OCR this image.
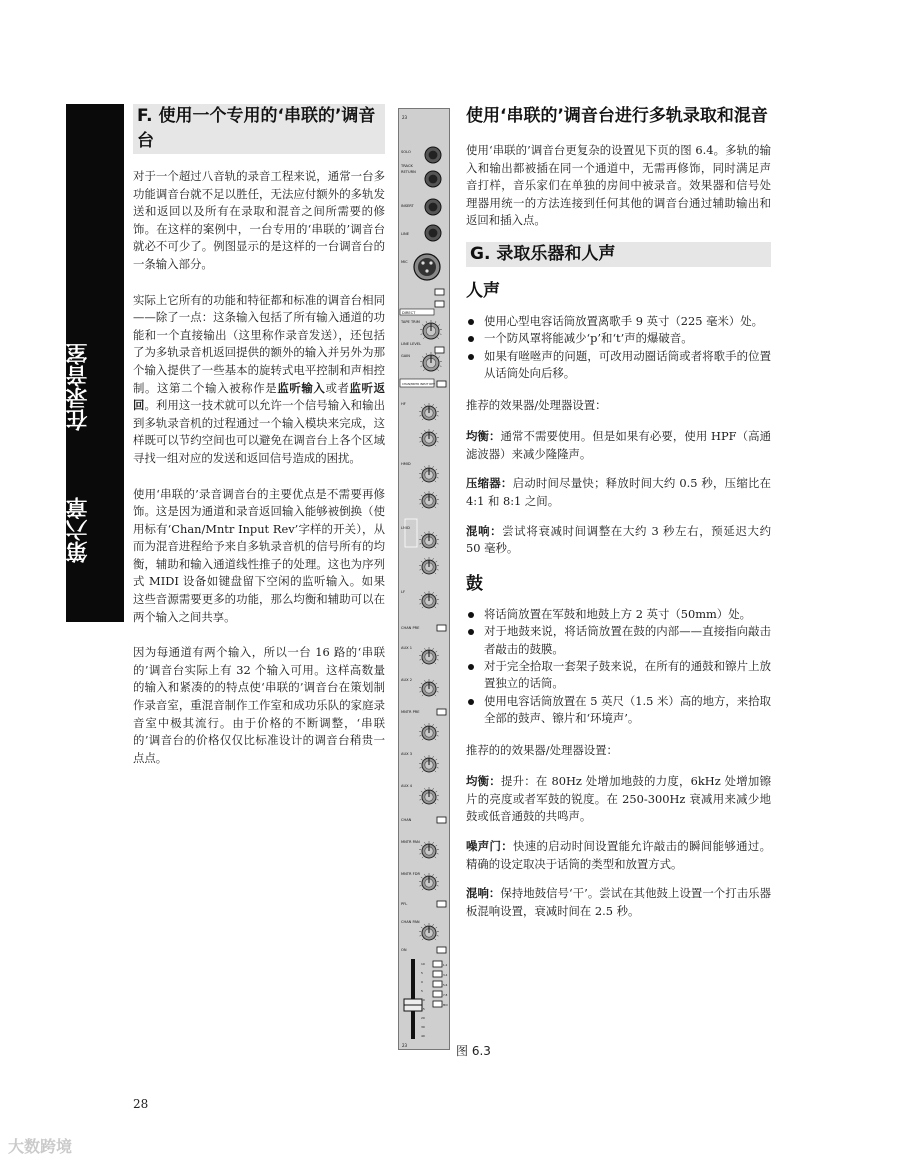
在录音室
第六章
F. 使用一个专用的‘串联的’调音台

对于一个超过八音轨的录音工程来说，通常一台多功能调音台就不足以胜任，无法应付额外的多轨发送和返回以及所有在录取和混音之间所需要的修饰。在这样的案例中，一台专用的‘串联的’调音台就必不可少了。例图显示的是这样的一台调音台的一条输入部分。

实际上它所有的功能和特征都和标准的调音台相同——除了一点：这条输入包括了所有输入通道的功能和一个直接输出（这里称作录音发送），还包括了为多轨录音机返回提供的额外的输入并另外为那个输入提供了一些基本的旋转式电平控制和声相控制。这第二个输入被称作是监听输入或者监听返回。利用这一技术就可以允许一个信号输入和输出到多轨录音机的过程通过一个输入模块来完成，这样既可以节约空间也可以避免在调音台上各个区域寻找一组对应的发送和返回信号造成的困扰。

使用‘串联的’录音调音台的主要优点是不需要再修饰。这是因为通道和录音返回输入能够被倒换（使用标有‘Chan/Mntr Input Rev’字样的开关），从而为混音进程给予来自多轨录音机的信号所有的均衡，辅助和输入通道线性推子的处理。这也为序列式 MIDI 设备如键盘留下空闲的监听输入。如果这些音源需要更多的功能，那么均衡和辅助可以在两个输入之间共享。

因为每通道有两个输入，所以一台 16 路的‘串联的’调音台实际上有 32 个输入可用。这样高数量的输入和紧凑的的特点使‘串联的’调音台在策划制作录音室，重混音制作工作室和成功乐队的家庭录音室中极其流行。由于价格的不断调整，‘串联的’调音台的价格仅仅比标准设计的调音台稍贵一点点。

23
SOLO
TRACK
RETURN
INSERT
LINE
MIC
DIRECT
TAPE TRIM
LINE LEVEL
GAIN
CHAN/MNTR INPUT REV
HF
HMID
LMID
LF
CHAN PRE
AUX 1
AUX 2
MNTR PRE
AUX 3
AUX 4
CHAN
MNTR PAN
MNTR FDR
PFL
CHAN PAN
ON
1-2
3-4
5-6
7-8
MIX
10
5
0
5
10
15
20
30
40
23	图 6.3
使用‘串联的’调音台进行多轨录取和混音

使用‘串联的’调音台更复杂的设置见下页的图 6.4。多轨的输入和输出都被插在同一个通道中，无需再修饰，同时满足声音打样，音乐家们在单独的房间中被录音。效果器和信号处理器用统一的方法连接到任何其他的调音台通过辅助输出和返回和插入点。

G. 录取乐器和人声
人声
使用心型电容话筒放置离歌手 9 英寸（225 毫米）处。
一个防风罩将能减少‘p’和‘t’声的爆破音。
如果有咝咝声的问题，可改用动圈话筒或者将歌手的位置从话筒处向后移。

推荐的效果器/处理器设置：

均衡：通常不需要使用。但是如果有必要，使用 HPF（高通滤波器）来减少隆隆声。

压缩器：启动时间尽量快；释放时间大约 0.5 秒，压缩比在 4:1 和 8:1 之间。

混响：尝试将衰减时间调整在大约 3 秒左右，预延迟大约 50 毫秒。

鼓
将话筒放置在军鼓和地鼓上方 2 英寸（50mm）处。
对于地鼓来说，将话筒放置在鼓的内部——直接指向敲击者敲击的鼓膜。
对于完全拾取一套架子鼓来说，在所有的通鼓和镲片上放置独立的话筒。
使用电容话筒放置在 5 英尺（1.5 米）高的地方，来拾取全部的鼓声、镲片和‘环境声’。

推荐的的效果器/处理器设置：

均衡：提升：在 80Hz 处增加地鼓的力度，6kHz 处增加镲片的亮度或者军鼓的锐度。在 250-300Hz 衰减用来减少地鼓或低音通鼓的共鸣声。

噪声门：快速的启动时间设置能允许敲击的瞬间能够通过。精确的设定取决于话筒的类型和放置方式。

混响：保持地鼓信号‘干’。尝试在其他鼓上设置一个打击乐器板混响设置，衰减时间在 2.5 秒。

28
大数跨境
